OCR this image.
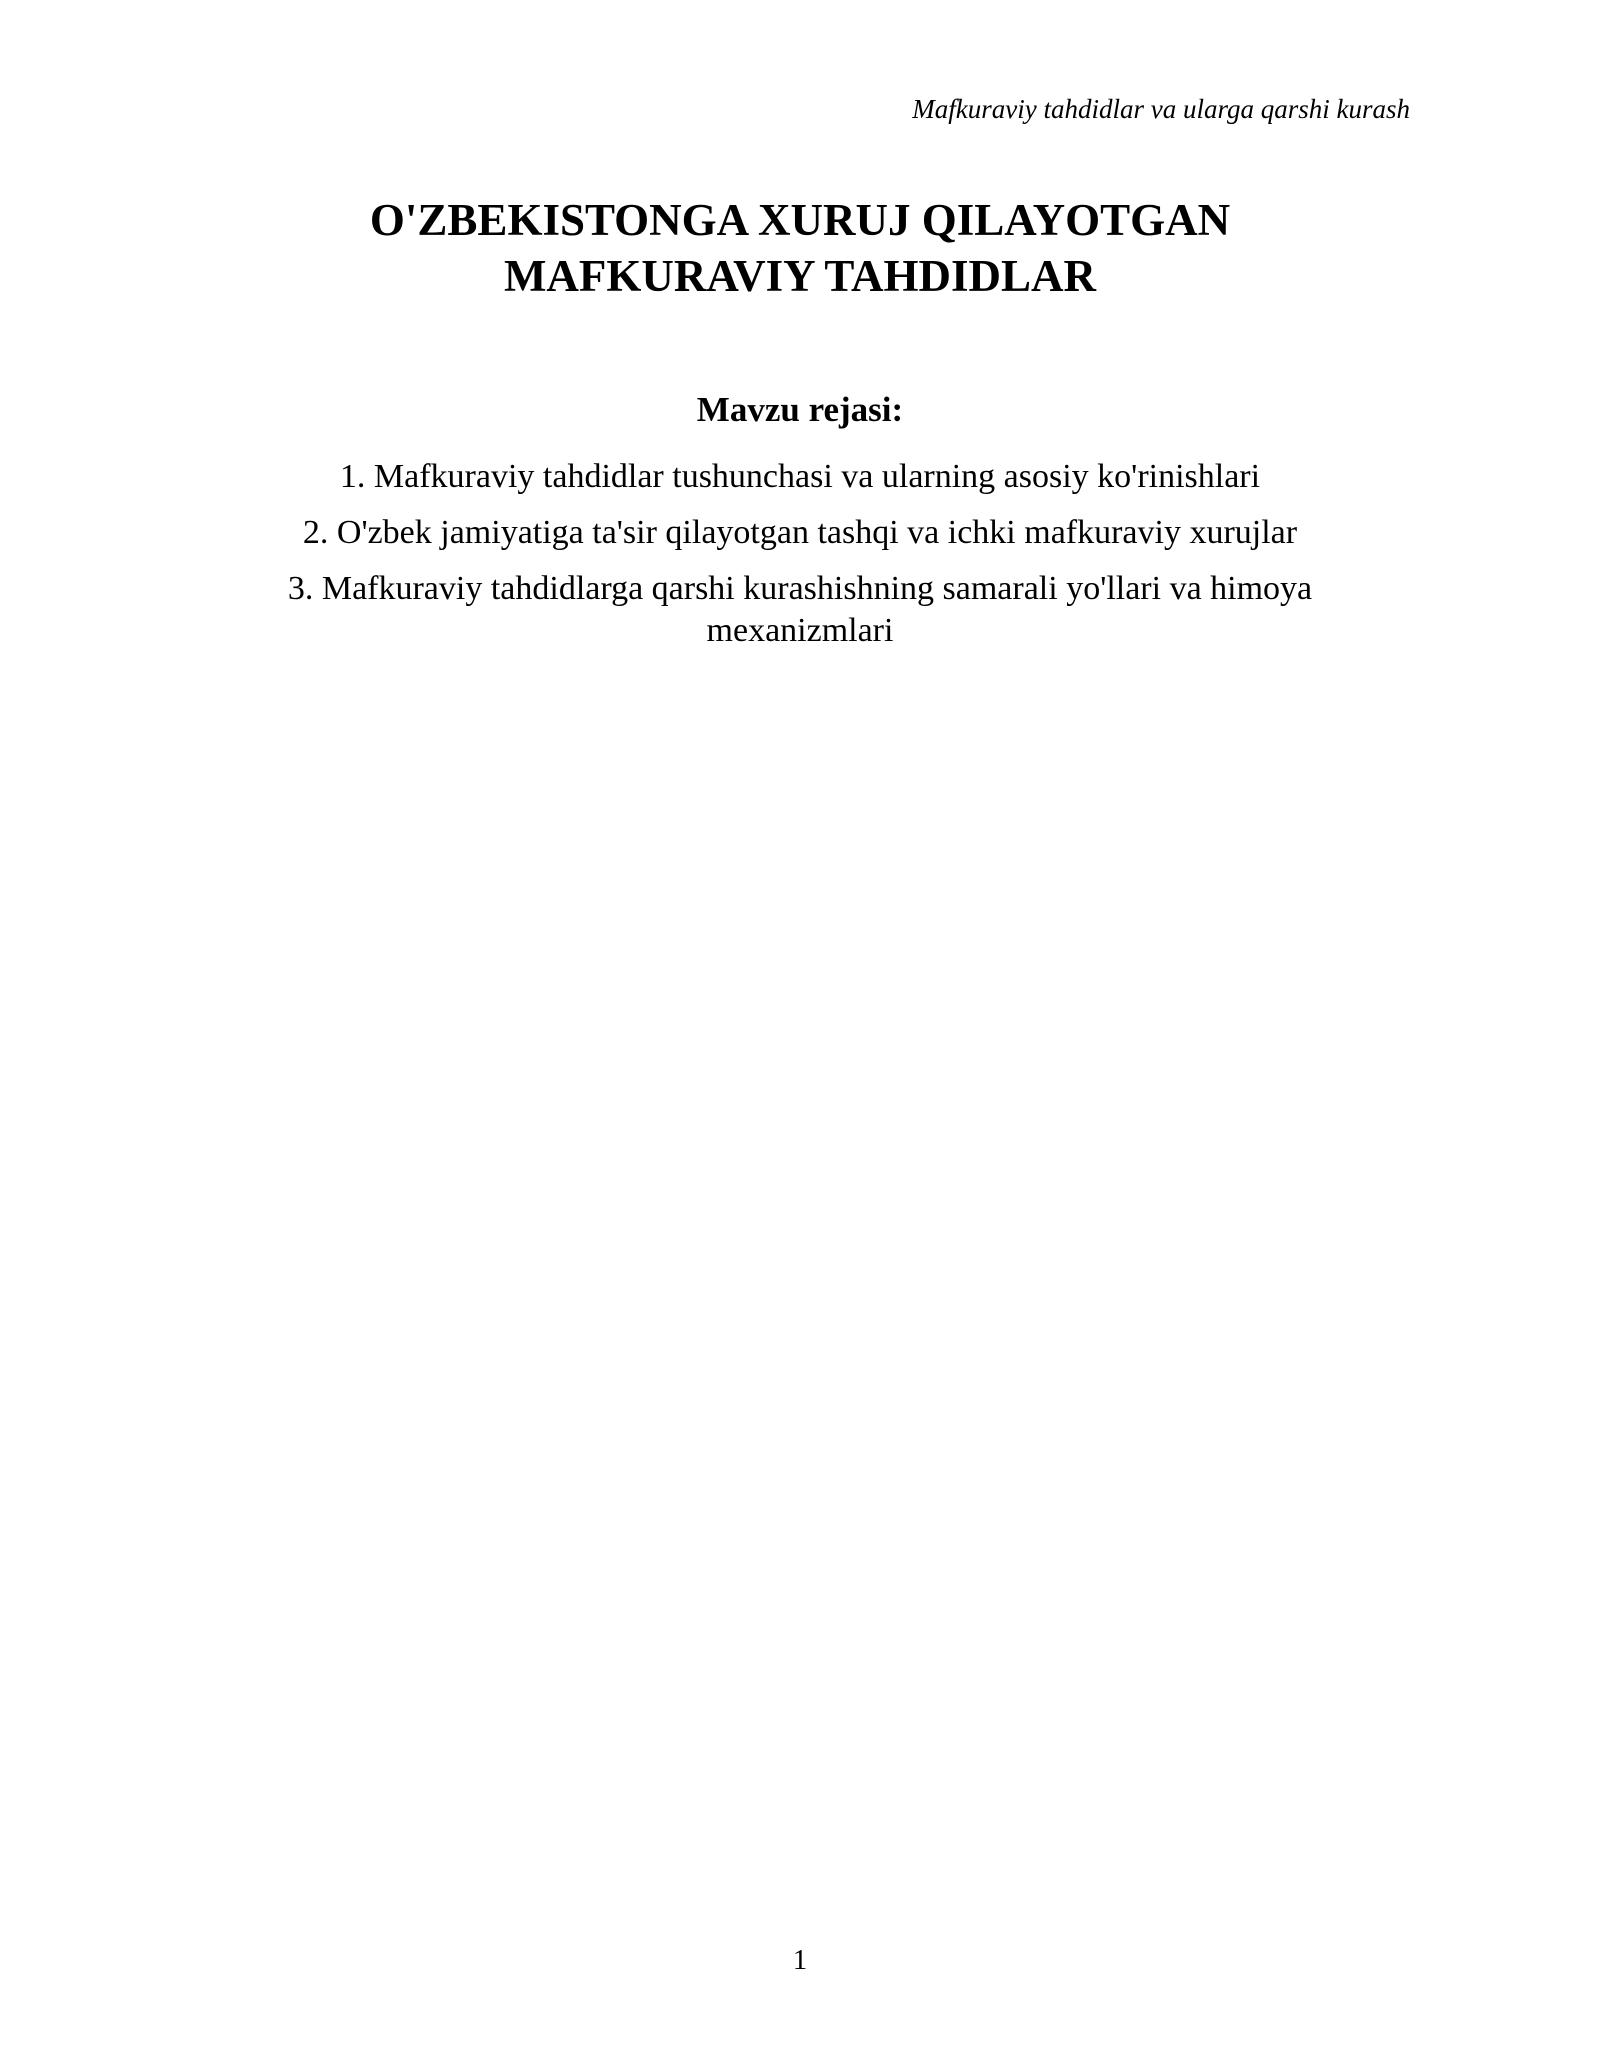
Mafkuraviy tahdidlar va ularga qarshi kurash
O'ZBEKISTONGA XURUJ QILAYOTGAN
MAFKURAVIY TAHDIDLAR
Mavzu rejasi:
1. Mafkuraviy tahdidlar tushunchasi va ularning asosiy ko'rinishlari
2. O'zbek jamiyatiga ta'sir qilayotgan tashqi va ichki mafkuraviy xurujlar
3. Mafkuraviy tahdidlarga qarshi kurashishning samarali yo'llari va himoya mexanizmlari
1
